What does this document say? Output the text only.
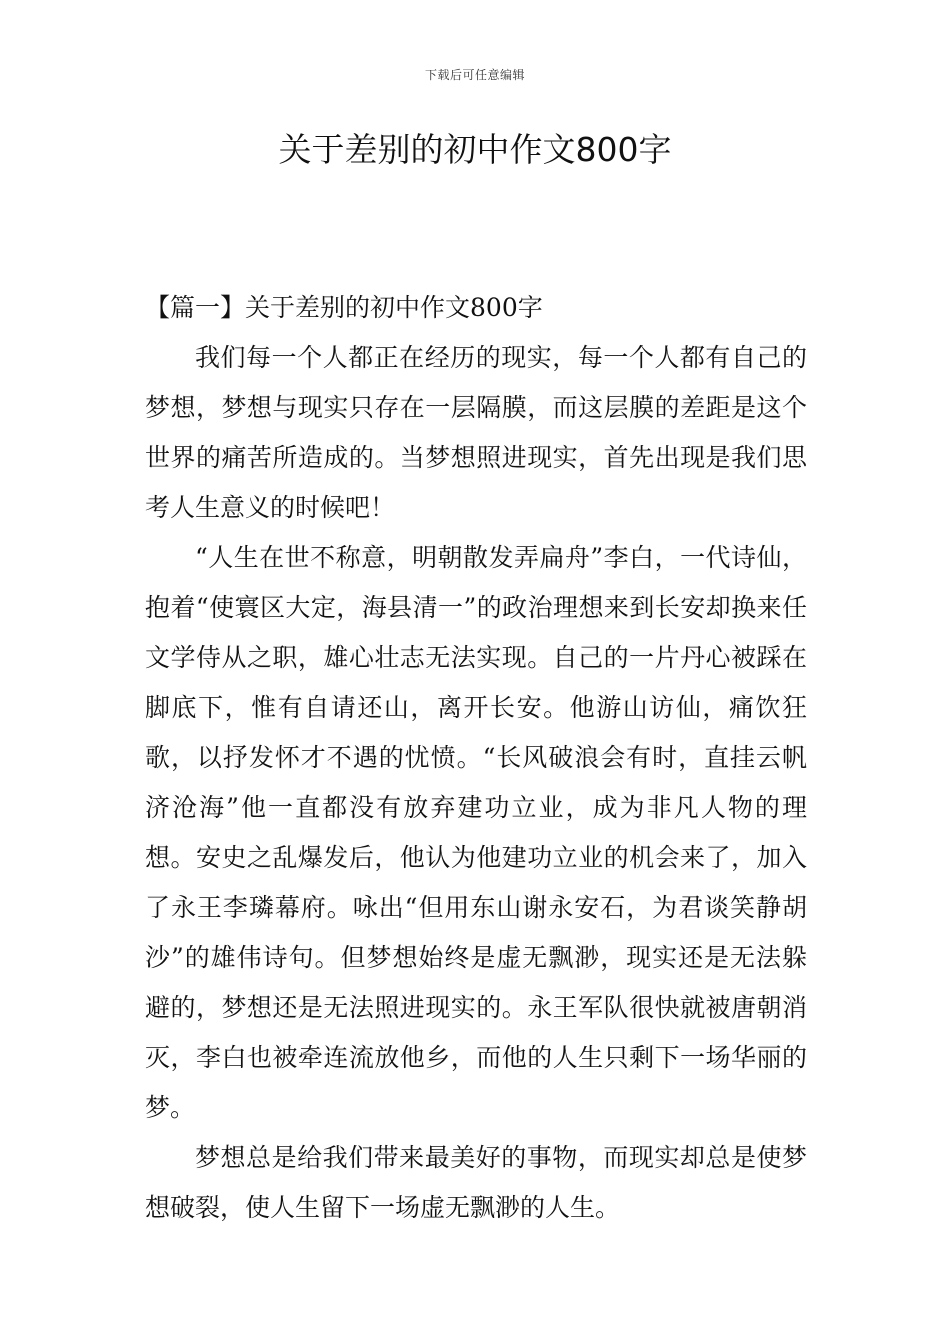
下载后可任意编辑
关于差别的初中作文800字

【篇一】关于差别的初中作文800字

我们每一个人都正在经历的现实，每一个人都有自己的梦想，梦想与现实只存在一层隔膜，而这层膜的差距是这个世界的痛苦所造成的。当梦想照进现实，首先出现是我们思考人生意义的时候吧！

“人生在世不称意，明朝散发弄扁舟”李白，一代诗仙，抱着“使寰区大定，海县清一”的政治理想来到长安却换来任文学侍从之职，雄心壮志无法实现。自己的一片丹心被踩在脚底下，惟有自请还山，离开长安。他游山访仙，痛饮狂歌，以抒发怀才不遇的忧愤。“长风破浪会有时，直挂云帆济沧海”他一直都没有放弃建功立业，成为非凡人物的理想。安史之乱爆发后，他认为他建功立业的机会来了，加入了永王李璘幕府。咏出“但用东山谢永安石，为君谈笑静胡沙”的雄伟诗句。但梦想始终是虚无飘渺，现实还是无法躲避的，梦想还是无法照进现实的。永王军队很快就被唐朝消灭，李白也被牵连流放他乡，而他的人生只剩下一场华丽的梦。

梦想总是给我们带来最美好的事物，而现实却总是使梦想破裂，使人生留下一场虚无飘渺的人生。
